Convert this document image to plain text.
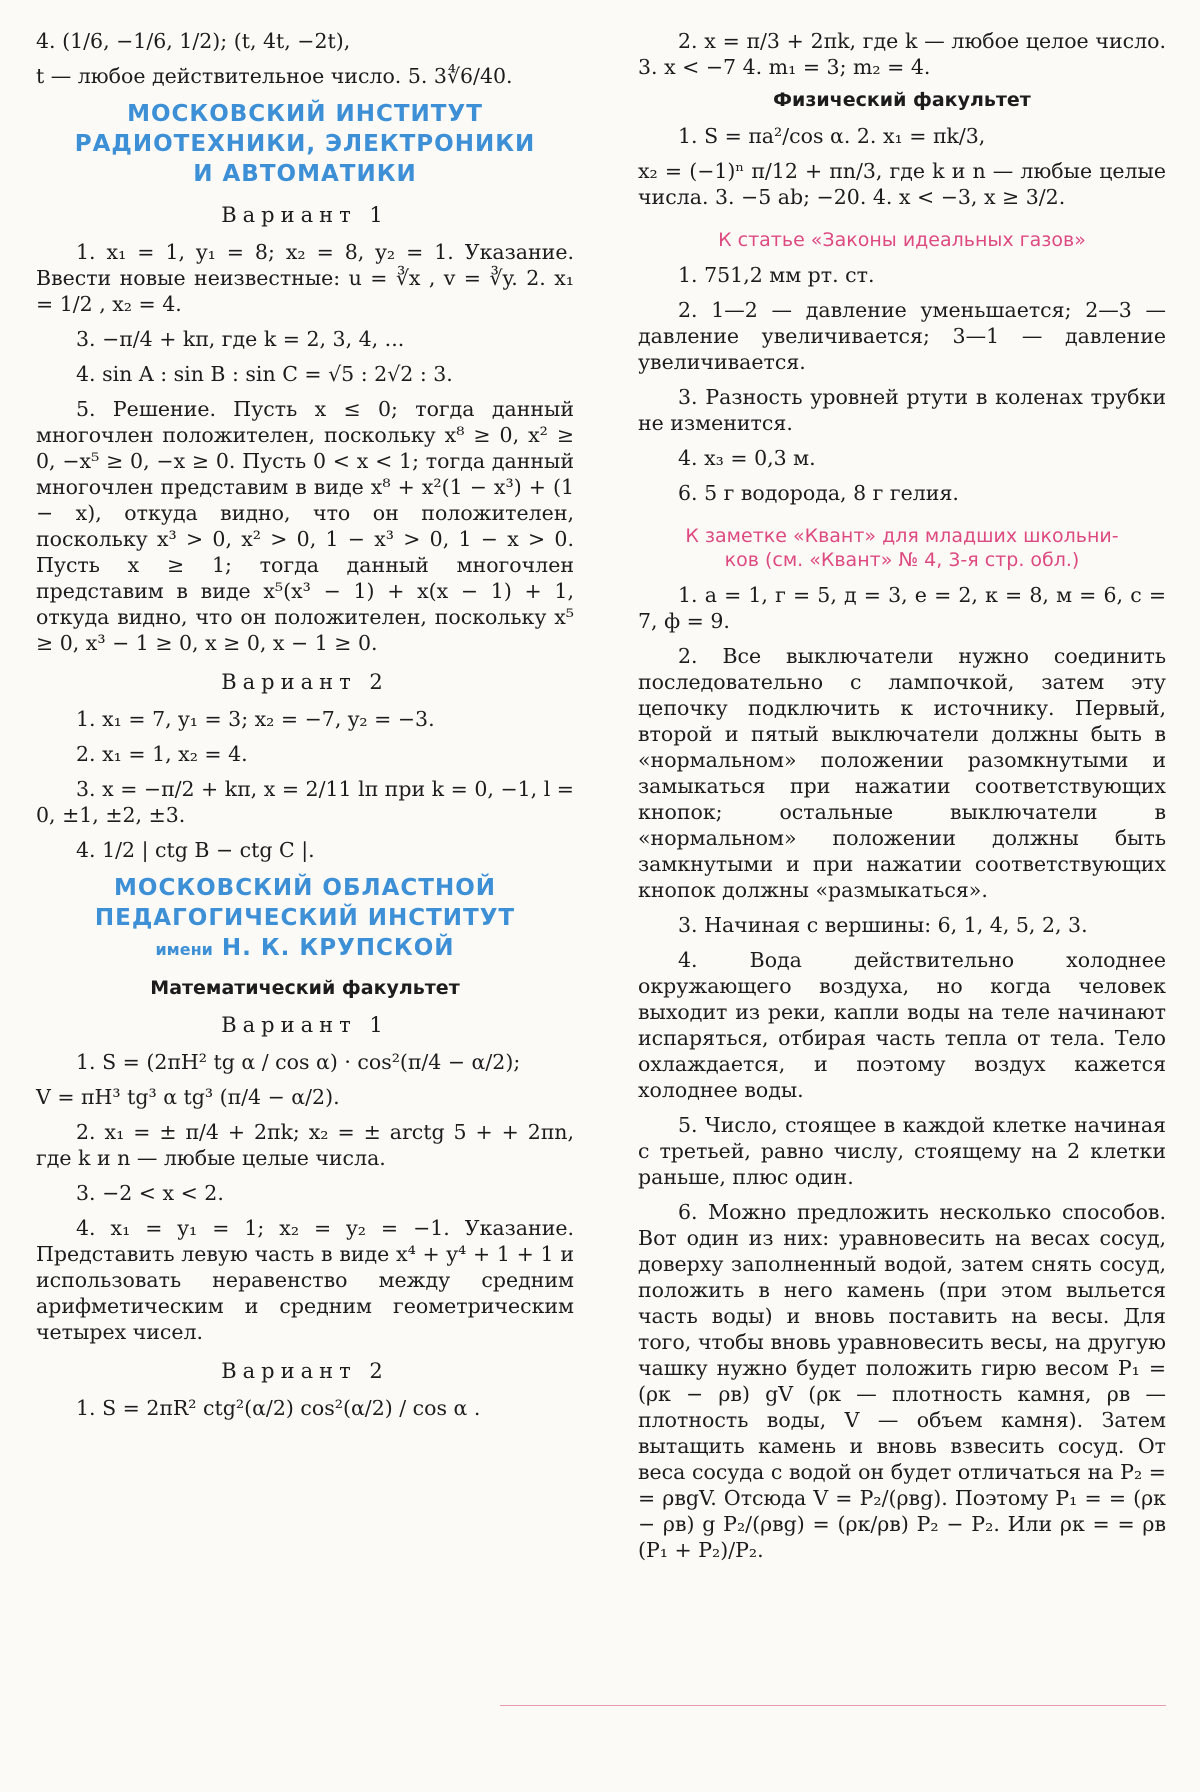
4. (1/6, −1/6, 1/2); (t, 4t, −2t),

t — любое действительное число. 5. 3∜6/40.

МОСКОВСКИЙ ИНСТИТУТ
РАДИОТЕХНИКИ, ЭЛЕКТРОНИКИ
И АВТОМАТИКИ
Вариант 1

1. x₁ = 1, y₁ = 8; x₂ = 8, y₂ = 1. Указание. Ввести новые неизвестные: u = ∛x , v = ∛y. 2. x₁ = 1/2 , x₂ = 4.

3. −π/4 + kπ, где k = 2, 3, 4, ...

4. sin A : sin B : sin C = √5 : 2√2 : 3.

5. Решение. Пусть x ≤ 0; тогда данный многочлен положителен, поскольку x⁸ ≥ 0, x² ≥ 0, −x⁵ ≥ 0, −x ≥ 0. Пусть 0 < x < 1; тогда данный многочлен представим в виде x⁸ + x²(1 − x³) + (1 − x), откуда видно, что он положителен, поскольку x³ > 0, x² > 0, 1 − x³ > 0, 1 − x > 0. Пусть x ≥ 1; тогда данный многочлен представим в виде x⁵(x³ − 1) + x(x − 1) + 1, откуда видно, что он положителен, поскольку x⁵ ≥ 0, x³ − 1 ≥ 0, x ≥ 0, x − 1 ≥ 0.

Вариант 2

1. x₁ = 7, y₁ = 3; x₂ = −7, y₂ = −3.

2. x₁ = 1, x₂ = 4.

3. x = −π/2 + kπ, x = 2/11 lπ при k = 0, −1, l = 0, ±1, ±2, ±3.

4. 1/2 | ctg B − ctg C |.

МОСКОВСКИЙ ОБЛАСТНОЙ
ПЕДАГОГИЧЕСКИЙ ИНСТИТУТ
имени Н. К. КРУПСКОЙ
Математический факультет
Вариант 1

1. S = (2πH² tg α / cos α) · cos²(π/4 − α/2);

V = πH³ tg³ α tg³ (π/4 − α/2).

2. x₁ = ± π/4 + 2πk; x₂ = ± arctg 5 + + 2πn, где k и n — любые целые числа.

3. −2 < x < 2.

4. x₁ = y₁ = 1; x₂ = y₂ = −1. Указание. Представить левую часть в виде x⁴ + y⁴ + 1 + 1 и использовать неравенство между средним арифметическим и средним геометрическим четырех чисел.

Вариант 2

1. S = 2πR² ctg²(α/2) cos²(α/2) / cos α .

2. x = π/3 + 2πk, где k — любое целое число. 3. x < −7 4. m₁ = 3; m₂ = 4.

Физический факультет

1. S = πa²/cos α. 2. x₁ = πk/3,

x₂ = (−1)ⁿ π/12 + πn/3, где k и n — любые целые числа. 3. −5 ab; −20. 4. x < −3, x ≥ 3/2.

К статье «Законы идеальных газов»

1. 751,2 мм рт. ст.

2. 1—2 — давление уменьшается; 2—3 — давление увеличивается; 3—1 — давление увеличивается.

3. Разность уровней ртути в коленах трубки не изменится.

4. x₃ = 0,3 м.

6. 5 г водорода, 8 г гелия.

К заметке «Квант» для младших школьни-
ков (см. «Квант» № 4, 3-я стр. обл.)

1. а = 1, г = 5, д = 3, е = 2, к = 8, м = 6, с = 7, ф = 9.

2. Все выключатели нужно соединить последовательно с лампочкой, затем эту цепочку подключить к источнику. Первый, второй и пятый выключатели должны быть в «нормальном» положении разомкнутыми и замыкаться при нажатии соответствующих кнопок; остальные выключатели в «нормальном» положении должны быть замкнутыми и при нажатии соответствующих кнопок должны «размыкаться».

3. Начиная с вершины: 6, 1, 4, 5, 2, 3.

4. Вода действительно холоднее окружающего воздуха, но когда человек выходит из реки, капли воды на теле начинают испаряться, отбирая часть тепла от тела. Тело охлаждается, и поэтому воздух кажется холоднее воды.

5. Число, стоящее в каждой клетке начиная с третьей, равно числу, стоящему на 2 клетки раньше, плюс один.

6. Можно предложить несколько способов. Вот один из них: уравновесить на весах сосуд, доверху заполненный водой, затем снять сосуд, положить в него камень (при этом выльется часть воды) и вновь поставить на весы. Для того, чтобы вновь уравновесить весы, на другую чашку нужно будет положить гирю весом P₁ = (ρк − ρв) gV (ρк — плотность камня, ρв — плотность воды, V — объем камня). Затем вытащить камень и вновь взвесить сосуд. От веса сосуда с водой он будет отличаться на P₂ = = ρвgV. Отсюда V = P₂/(ρвg). Поэтому P₁ = = (ρк − ρв) g P₂/(ρвg) = (ρк/ρв) P₂ − P₂. Или ρк = = ρв (P₁ + P₂)/P₂.
